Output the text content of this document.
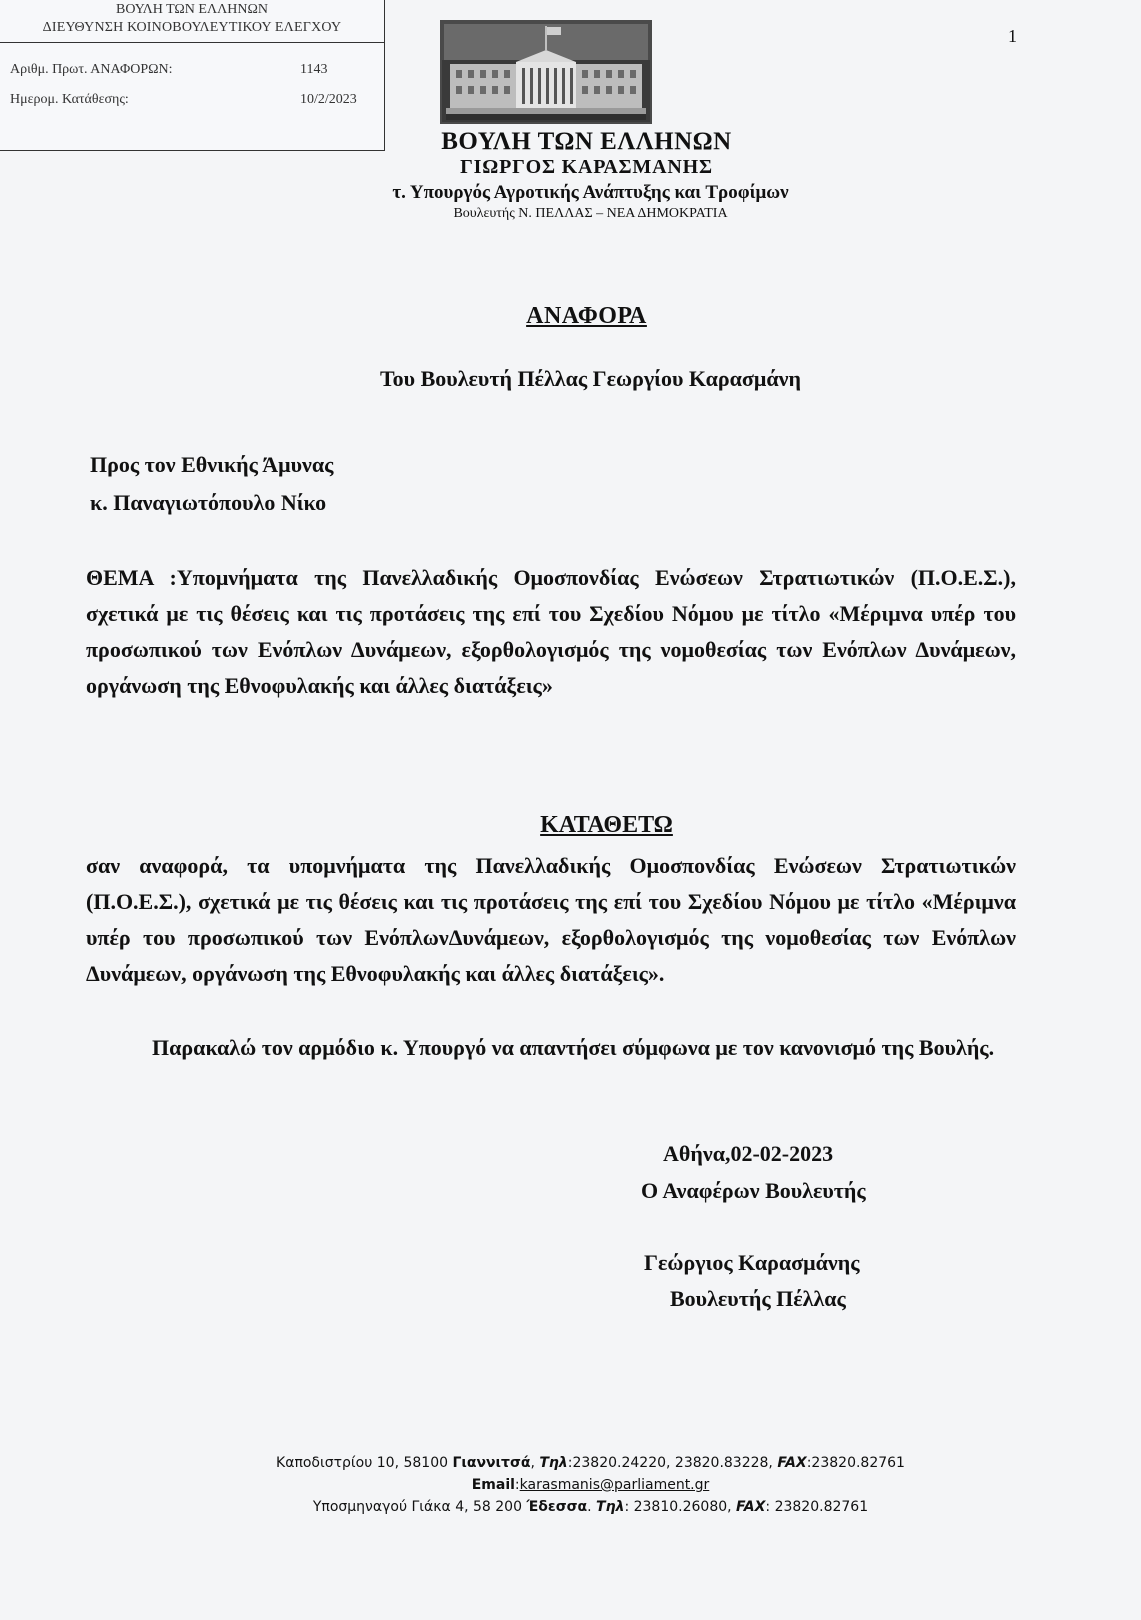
ΒΟΥΛΗ ΤΩΝ ΕΛΛΗΝΩΝ
ΔΙΕΥΘΥΝΣΗ ΚΟΙΝΟΒΟΥΛΕΥΤΙΚΟΥ ΕΛΕΓΧΟΥ
Αριθμ. Πρωτ. ΑΝΑΦΟΡΩΝ:	1143
Ημερομ. Κατάθεσης:	10/2/2023
1
ΒΟΥΛΗ ΤΩΝ ΕΛΛΗΝΩΝ
ΓΙΩΡΓΟΣ ΚΑΡΑΣΜΑΝΗΣ
τ. Υπουργός Αγροτικής Ανάπτυξης και Τροφίμων
Βουλευτής Ν. ΠΕΛΛΑΣ – ΝΕΑ ΔΗΜΟΚΡΑΤΙΑ
ΑΝΑΦΟΡΑ
Του Βουλευτή Πέλλας Γεωργίου Καρασμάνη
Προς τον Εθνικής Άμυνας
κ. Παναγιωτόπουλο Νίκο
ΘΕΜΑ :Υπομνήματα της Πανελλαδικής Ομοσπονδίας Ενώσεων Στρατιωτικών (Π.Ο.Ε.Σ.), σχετικά με τις θέσεις και τις προτάσεις της επί του Σχεδίου Νόμου με τίτλο «Μέριμνα υπέρ του προσωπικού των Ενόπλων Δυνάμεων, εξορθολογισμός της νομοθεσίας των Ενόπλων Δυνάμεων, οργάνωση της Εθνοφυλακής και άλλες διατάξεις»
ΚΑΤΑΘΕΤΩ
σαν αναφορά, τα υπομνήματα της Πανελλαδικής Ομοσπονδίας Ενώσεων Στρατιωτικών (Π.Ο.Ε.Σ.), σχετικά με τις θέσεις και τις προτάσεις της επί του Σχεδίου Νόμου με τίτλο «Μέριμνα υπέρ του προσωπικού των ΕνόπλωνΔυνάμεων, εξορθολογισμός της νομοθεσίας των Ενόπλων Δυνάμεων, οργάνωση της Εθνοφυλακής και άλλες διατάξεις».
Παρακαλώ τον αρμόδιο κ. Υπουργό να απαντήσει σύμφωνα με τον κανονισμό της Βουλής.
Αθήνα,02-02-2023
Ο Αναφέρων Βουλευτής
Γεώργιος Καρασμάνης
Βουλευτής Πέλλας
Καποδιστρίου 10, 58100 Γιαννιτσά, Τηλ:23820.24220, 23820.83228, FAX:23820.82761
Email:karasmanis@parliament.gr
Υποσμηναγού Γιάκα 4, 58 200 Έδεσσα. Τηλ: 23810.26080, FAX: 23820.82761
